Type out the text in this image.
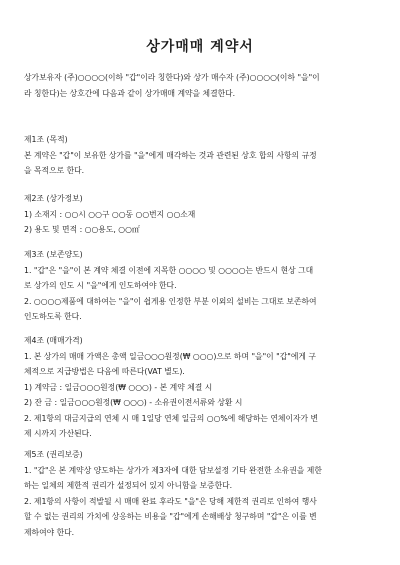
상가매매 계약서
상가보유자 (주)○○○○(이하 "갑"이라 칭한다)와 상가 매수자 (주)○○○○(이하 "을"이
라 칭한다)는 상호간에 다음과 같이 상가매매 계약을 체결한다.
제1조 (목적)
본 계약은 "갑"이 보유한 상가를 "을"에게 매각하는 것과 관련된 상호 합의 사항의 규정
을 목적으로 한다.
제2조 (상가정보)
1) 소재지 : ○○시 ○○구 ○○동 ○○번지 ○○소재
2) 용도 및 면적 : ○○용도, ○○㎡
제3조 (보존양도)
1. "갑"은 "을"이 본 계약 체결 이전에 지목한 ○○○○ 및 ○○○○는 반드시 현상 그대
로 상가의 인도 시 "을"에게 인도하여야 한다.
2. ○○○○제품에 대하여는 "을"이 쉽게용 인정한 부분 이외의 설비는 그대로 보존하여
인도하도록 한다.
제4조 (매매가격)
1. 본 상가의 매매 가액은 총액 일금○○○원정(₩ ○○○)으로 하며 "을"이 "갑"에게 구
체적으로 지급방법은 다음에 따른다(VAT 별도).
1) 계약금 : 일금○○○원정(₩ ○○○) - 본 계약 체결 시
2) 잔 금 : 일금○○○원정(₩ ○○○) - 소유권이전서류와 상환 시
2. 제1항의 대금지급의 연체 시 매 1일당 연체 일금의 ○○%에 해당하는 연체이자가 변
제 시까지 가산된다.
제5조 (권리보증)
1. "갑"은 본 계약상 양도하는 상가가 제3자에 대한 담보설정 기타 완전한 소유권을 제한
하는 일체의 제한적 권리가 설정되어 있지 아니함을 보증한다.
2. 제1항의 사항이 적발될 시 매매 완료 후라도 "을"은 당해 제한적 권리로 인하여 행사
할 수 없는 권리의 가치에 상응하는 비용을 "갑"에게 손해배상 청구하며 "갑"은 이를 변
제하여야 한다.
